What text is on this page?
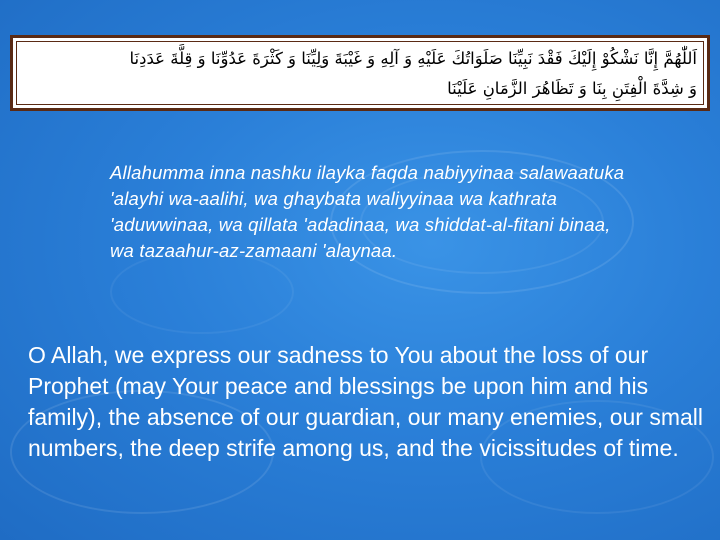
اَللّٰهُمَّ إِنَّا نَشْكُوْ إِلَيْكَ فَقْدَ نَبِيِّنَا صَلَوَاتُكَ عَلَيْهِ وَ آلِهِ وَ غَيْبَةَ وَلِيِّنَا وَ كَثْرَةَ عَدُوِّنَا وَ قِلَّةَ عَدَدِنَا
وَ شِدَّةَ الْفِتَنِ بِنَا وَ تَظَاهُرَ الزَّمَانِ عَلَيْنَا

Allahumma inna nashku ilayka faqda nabiyyinaa salawaatuka 'alayhi wa-aalihi, wa ghaybata waliyyinaa wa kathrata 'aduwwinaa, wa qillata 'adadinaa, wa shiddat-al-fitani binaa, wa tazaahur-az-zamaani 'alaynaa.

O Allah, we express our sadness to You about the loss of our Prophet (may Your peace and blessings be upon him and his family), the absence of our guardian, our many enemies, our small numbers, the deep strife among us, and the vicissitudes of time.
